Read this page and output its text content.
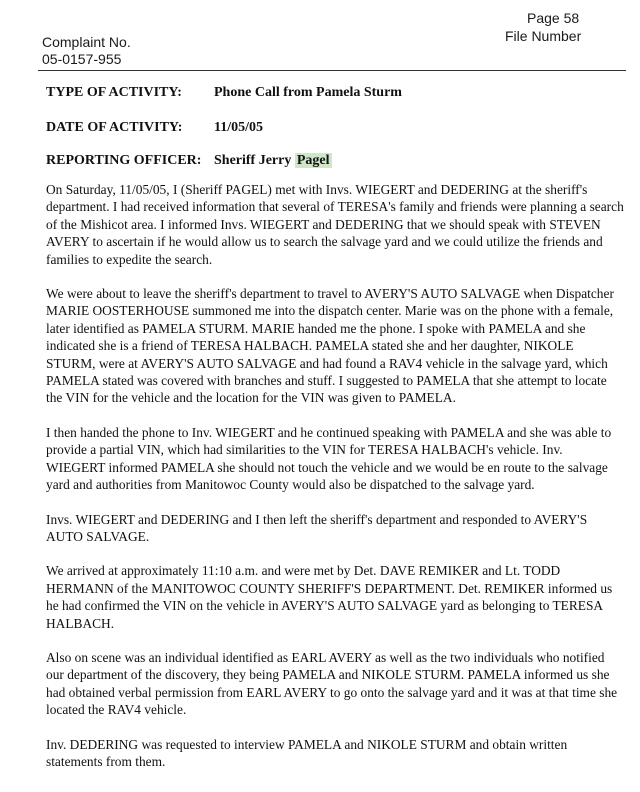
Page 58
File Number
Complaint No.
05-0157-955
TYPE OF ACTIVITY: Phone Call from Pamela Sturm
DATE OF ACTIVITY: 11/05/05
REPORTING OFFICER: Sheriff Jerry Pagel

On Saturday, 11/05/05, I (Sheriff PAGEL) met with Invs. WIEGERT and DEDERING at the sheriff's department. I had received information that several of TERESA's family and friends were planning a search of the Mishicot area. I informed Invs. WIEGERT and DEDERING that we should speak with STEVEN AVERY to ascertain if he would allow us to search the salvage yard and we could utilize the friends and families to expedite the search.

We were about to leave the sheriff's department to travel to AVERY'S AUTO SALVAGE when Dispatcher MARIE OOSTERHOUSE summoned me into the dispatch center. Marie was on the phone with a female, later identified as PAMELA STURM. MARIE handed me the phone. I spoke with PAMELA and she indicated she is a friend of TERESA HALBACH. PAMELA stated she and her daughter, NIKOLE STURM, were at AVERY'S AUTO SALVAGE and had found a RAV4 vehicle in the salvage yard, which PAMELA stated was covered with branches and stuff. I suggested to PAMELA that she attempt to locate the VIN for the vehicle and the location for the VIN was given to PAMELA.

I then handed the phone to Inv. WIEGERT and he continued speaking with PAMELA and she was able to provide a partial VIN, which had similarities to the VIN for TERESA HALBACH's vehicle. Inv. WIEGERT informed PAMELA she should not touch the vehicle and we would be en route to the salvage yard and authorities from Manitowoc County would also be dispatched to the salvage yard.

Invs. WIEGERT and DEDERING and I then left the sheriff's department and responded to AVERY'S AUTO SALVAGE.

We arrived at approximately 11:10 a.m. and were met by Det. DAVE REMIKER and Lt. TODD HERMANN of the MANITOWOC COUNTY SHERIFF'S DEPARTMENT. Det. REMIKER informed us he had confirmed the VIN on the vehicle in AVERY'S AUTO SALVAGE yard as belonging to TERESA HALBACH.

Also on scene was an individual identified as EARL AVERY as well as the two individuals who notified our department of the discovery, they being PAMELA and NIKOLE STURM. PAMELA informed us she had obtained verbal permission from EARL AVERY to go onto the salvage yard and it was at that time she located the RAV4 vehicle.

Inv. DEDERING was requested to interview PAMELA and NIKOLE STURM and obtain written statements from them.
